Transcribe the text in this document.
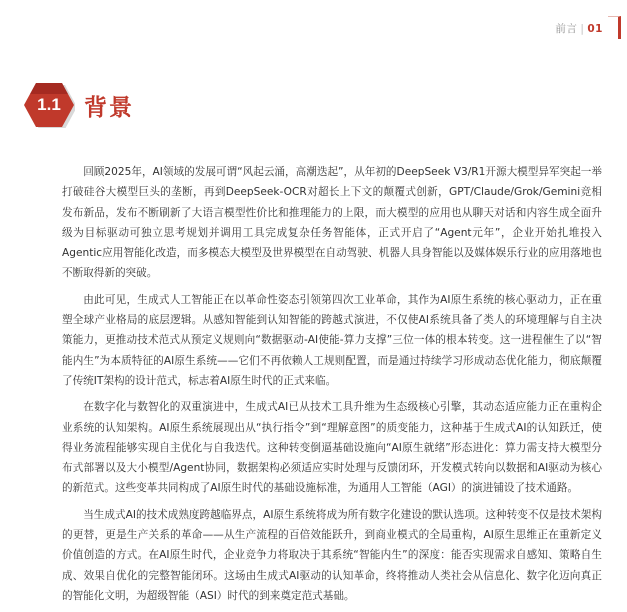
前言 | 01
1.1	背景

回顾2025年，AI领域的发展可谓“风起云涌，高潮迭起”，从年初的DeepSeek V3/R1开源大模型异军突起一举打破硅谷大模型巨头的垄断，再到DeepSeek-OCR对超长上下文的颠覆式创新，GPT/Claude/Grok/Gemini竞相发布新品，发布不断刷新了大语言模型性价比和推理能力的上限，而大模型的应用也从聊天对话和内容生成全面升级为目标驱动可独立思考规划并调用工具完成复杂任务智能体，正式开启了“Agent元年”，企业开始扎堆投入Agentic应用智能化改造，而多模态大模型及世界模型在自动驾驶、机器人具身智能以及媒体娱乐行业的应用落地也不断取得新的突破。

由此可见，生成式人工智能正在以革命性姿态引领第四次工业革命，其作为AI原生系统的核心驱动力，正在重塑全球产业格局的底层逻辑。从感知智能到认知智能的跨越式演进，不仅使AI系统具备了类人的环境理解与自主决策能力，更推动技术范式从预定义规则向“数据驱动-AI使能-算力支撑”三位一体的根本转变。这一进程催生了以“智能内生”为本质特征的AI原生系统——它们不再依赖人工规则配置，而是通过持续学习形成动态优化能力，彻底颠覆了传统IT架构的设计范式，标志着AI原生时代的正式来临。

在数字化与数智化的双重演进中，生成式AI已从技术工具升维为生态级核心引擎，其动态适应能力正在重构企业系统的认知架构。AI原生系统展现出从“执行指令”到“理解意图”的质变能力，这种基于生成式AI的认知跃迁，使得业务流程能够实现自主优化与自我迭代。这种转变倒逼基础设施向“AI原生就绪”形态进化：算力需支持大模型分布式部署以及大小模型/Agent协同，数据架构必须适应实时处理与反馈闭环，开发模式转向以数据和AI驱动为核心的新范式。这些变革共同构成了AI原生时代的基础设施标准，为通用人工智能（AGI）的演进铺设了技术通路。

当生成式AI的技术成熟度跨越临界点，AI原生系统将成为所有数字化建设的默认选项。这种转变不仅是技术架构的更替，更是生产关系的革命——从生产流程的百倍效能跃升，到商业模式的全局重构，AI原生思维正在重新定义价值创造的方式。在AI原生时代，企业竞争力将取决于其系统“智能内生”的深度：能否实现需求自感知、策略自生成、效果自优化的完整智能闭环。这场由生成式AI驱动的认知革命，终将推动人类社会从信息化、数字化迈向真正的智能化文明，为超级智能（ASI）时代的到来奠定范式基础。
